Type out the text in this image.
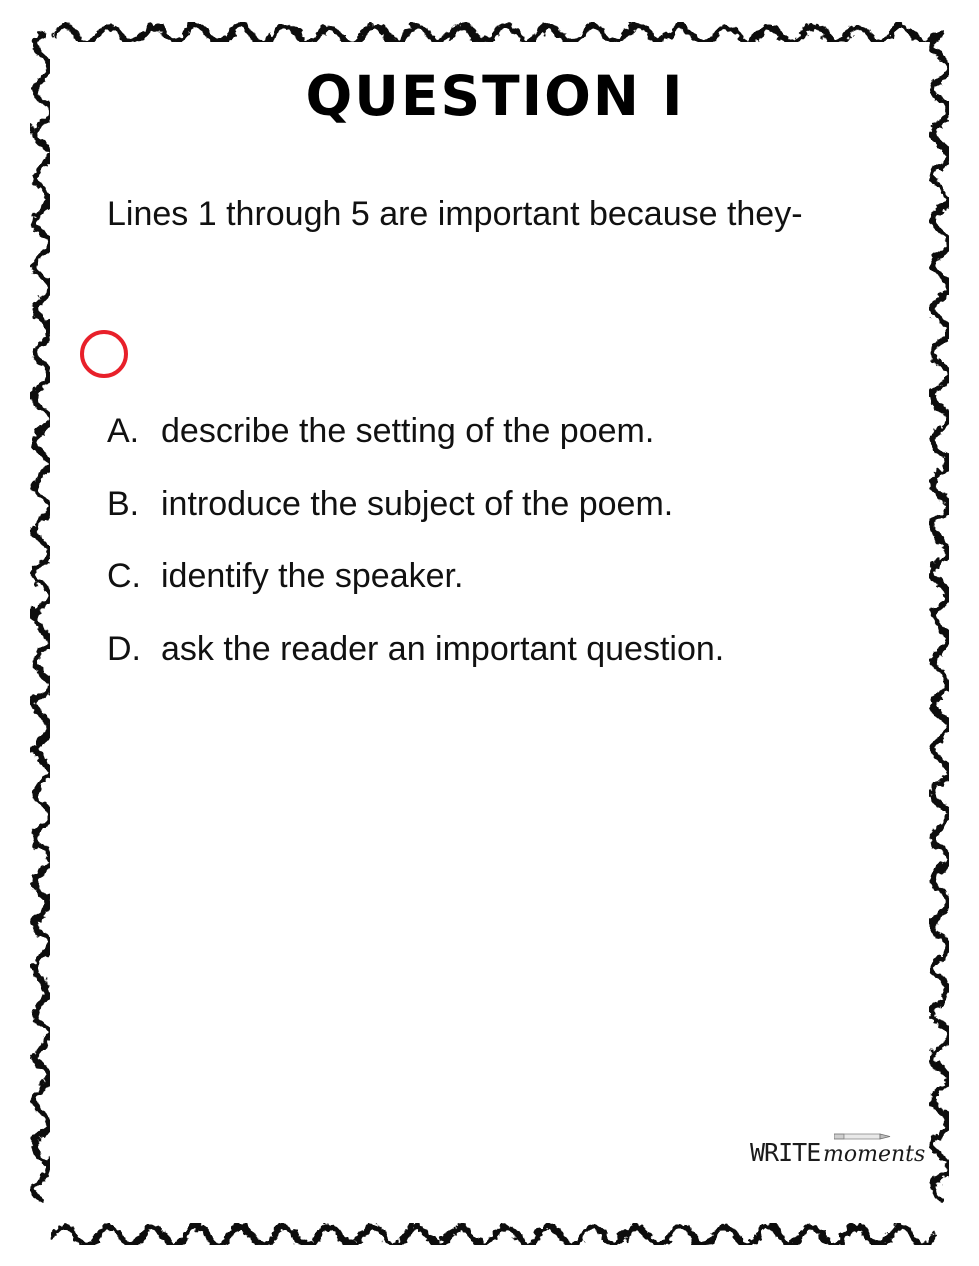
QUESTION I
Lines 1 through 5 are important because they-
A. describe the setting of the poem.
B. introduce the subject of the poem.
C. identify the speaker.
D. ask the reader an important question.
WRITE moments
